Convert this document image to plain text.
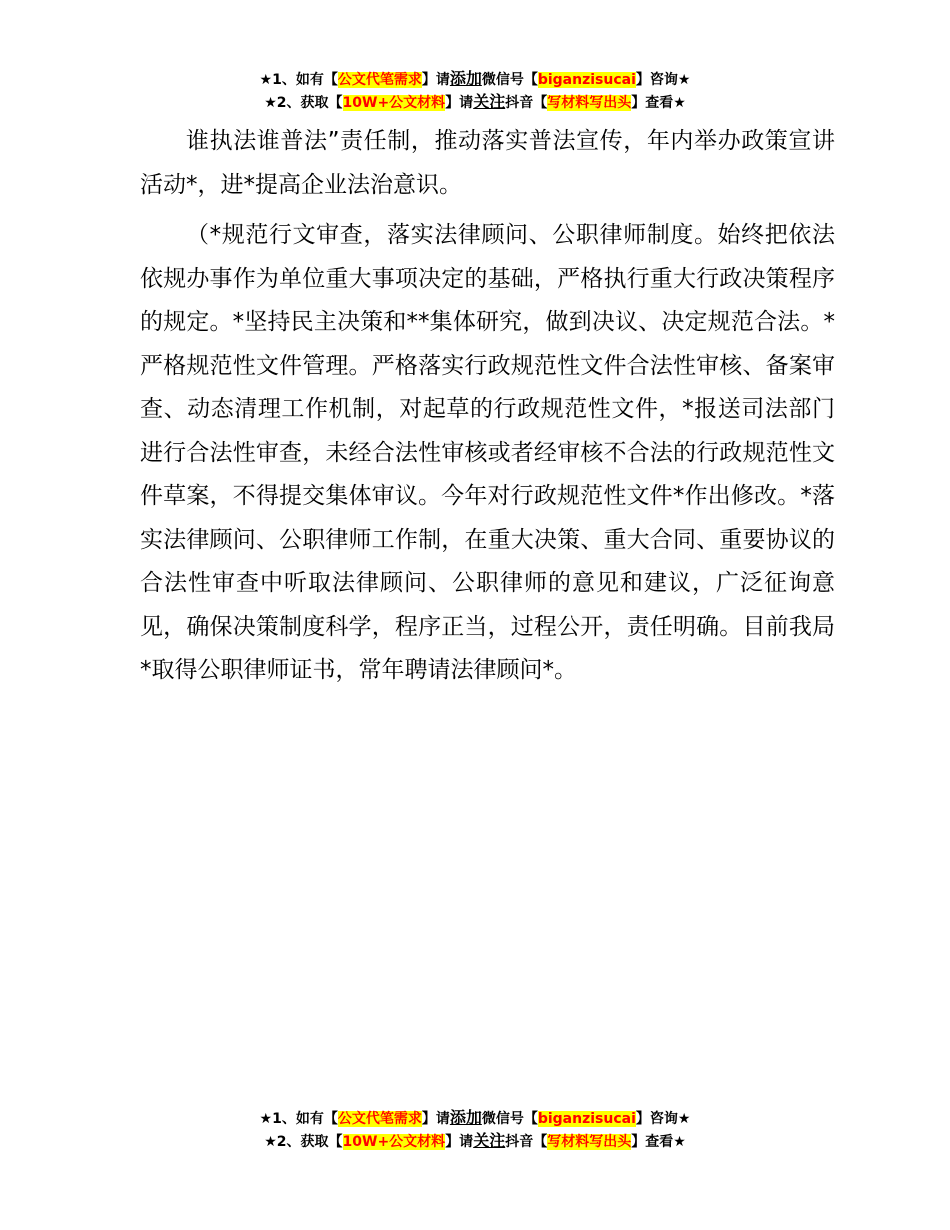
★1、如有【公文代笔需求】请添加微信号【biganzisucai】咨询★
★2、获取【10W+公文材料】请关注抖音【写材料写出头】查看★

谁执法谁普法”责任制，推动落实普法宣传，年内举办政策宣讲活动*，进*提高企业法治意识。

（*规范行文审查，落实法律顾问、公职律师制度。始终把依法依规办事作为单位重大事项决定的基础，严格执行重大行政决策程序的规定。*坚持民主决策和**集体研究，做到决议、决定规范合法。*严格规范性文件管理。严格落实行政规范性文件合法性审核、备案审查、动态清理工作机制，对起草的行政规范性文件，*报送司法部门进行合法性审查，未经合法性审核或者经审核不合法的行政规范性文件草案，不得提交集体审议。今年对行政规范性文件*作出修改。*落实法律顾问、公职律师工作制，在重大决策、重大合同、重要协议的合法性审查中听取法律顾问、公职律师的意见和建议，广泛征询意见，确保决策制度科学，程序正当，过程公开，责任明确。目前我局*取得公职律师证书，常年聘请法律顾问*。

★1、如有【公文代笔需求】请添加微信号【biganzisucai】咨询★
★2、获取【10W+公文材料】请关注抖音【写材料写出头】查看★
